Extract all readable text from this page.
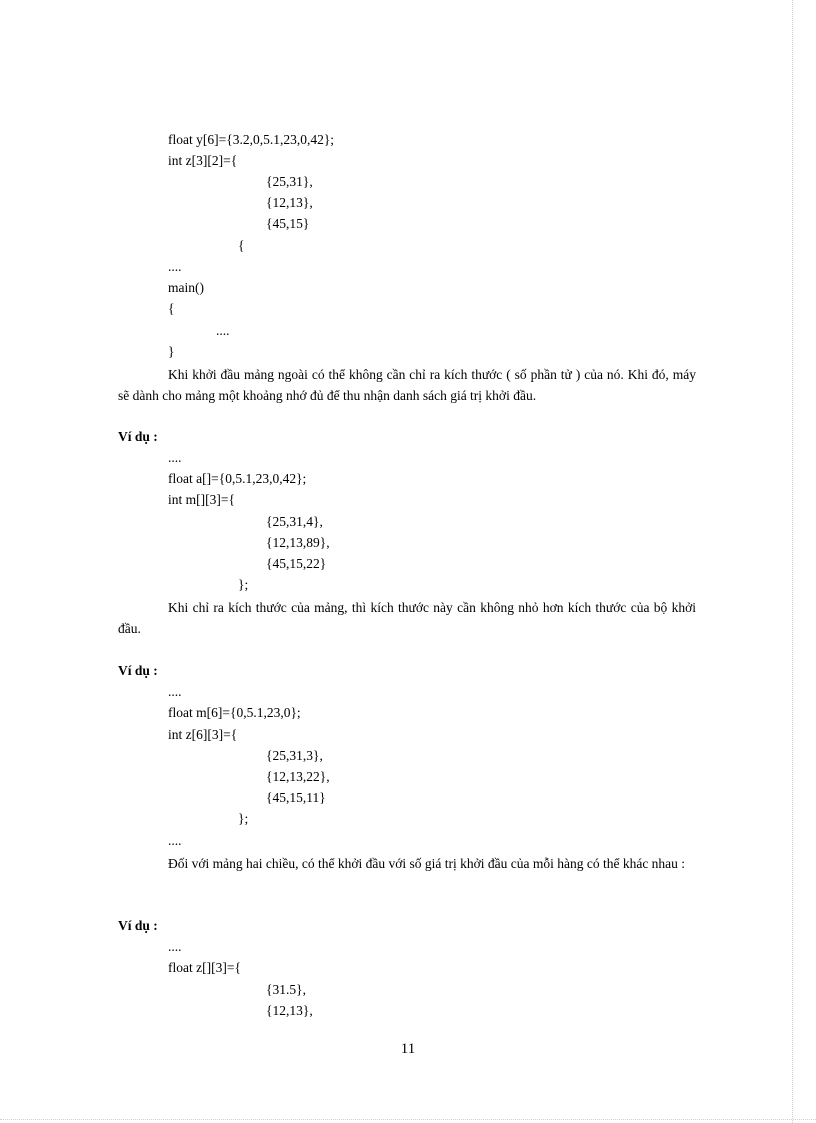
float y[6]={3.2,0,5.1,23,0,42};
int z[3][2]={
{25,31},
{12,13},
{45,15}
{
....
main()
{
....
}

Khi khởi đầu mảng ngoài có thể không cần chỉ ra kích thước ( số phần tử ) của nó. Khi đó, máy sẽ dành cho mảng một khoảng nhớ đủ để thu nhận danh sách giá trị khởi đầu.

Ví dụ :
....
float a[]={0,5.1,23,0,42};
int m[][3]={
{25,31,4},
{12,13,89},
{45,15,22}
};

Khi chỉ ra kích thước của mảng, thì kích thước này cần không nhỏ hơn kích thước của bộ khởi đầu.

Ví dụ :
....
float m[6]={0,5.1,23,0};
int z[6][3]={
{25,31,3},
{12,13,22},
{45,15,11}
};
....

Đối với mảng hai chiều, có thể khởi đầu với số giá trị khởi đầu của mỗi hàng có thể khác nhau :

Ví dụ :
....
float z[][3]={
{31.5},
{12,13},
11
